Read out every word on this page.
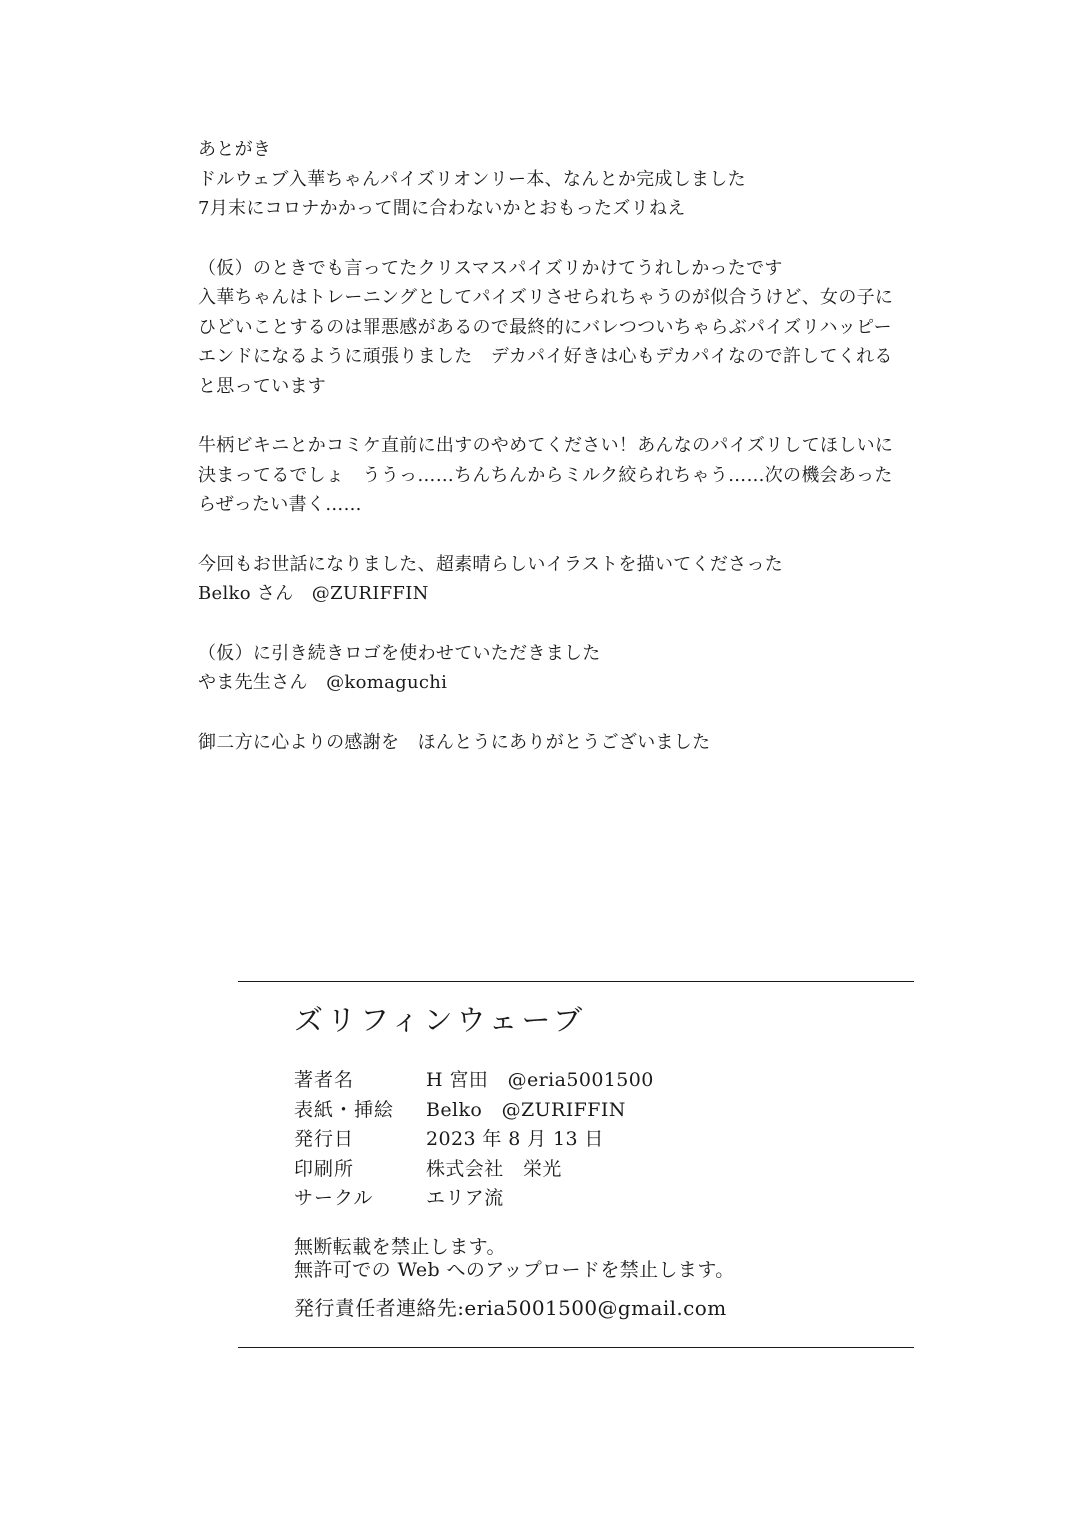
あとがき
ドルウェブ入華ちゃんパイズリオンリー本、なんとか完成しました
7月末にコロナかかって間に合わないかとおもったズリねえ
（仮）のときでも言ってたクリスマスパイズリかけてうれしかったです
入華ちゃんはトレーニングとしてパイズリさせられちゃうのが似合うけど、女の子に
ひどいことするのは罪悪感があるので最終的にバレつついちゃらぶパイズリハッピー
エンドになるように頑張りました　デカパイ好きは心もデカパイなので許してくれる
と思っています
牛柄ビキニとかコミケ直前に出すのやめてください！あんなのパイズリしてほしいに
決まってるでしょ　ううっ……ちんちんからミルク絞られちゃう……次の機会あった
らぜったい書く……
今回もお世話になりました、超素晴らしいイラストを描いてくださった
Belko さん　@ZURIFFIN
（仮）に引き続きロゴを使わせていただきました
やま先生さん　@komaguchi
御二方に心よりの感謝を　ほんとうにありがとうございました
ズリフィンウェーブ
著者名	H 宮田　@eria5001500
表紙・挿絵	Belko　@ZURIFFIN
発行日	2023 年 8 月 13 日
印刷所	株式会社　栄光
サークル	エリア流
無断転載を禁止します。
無許可での Web へのアップロードを禁止します。
発行責任者連絡先:eria5001500@gmail.com
